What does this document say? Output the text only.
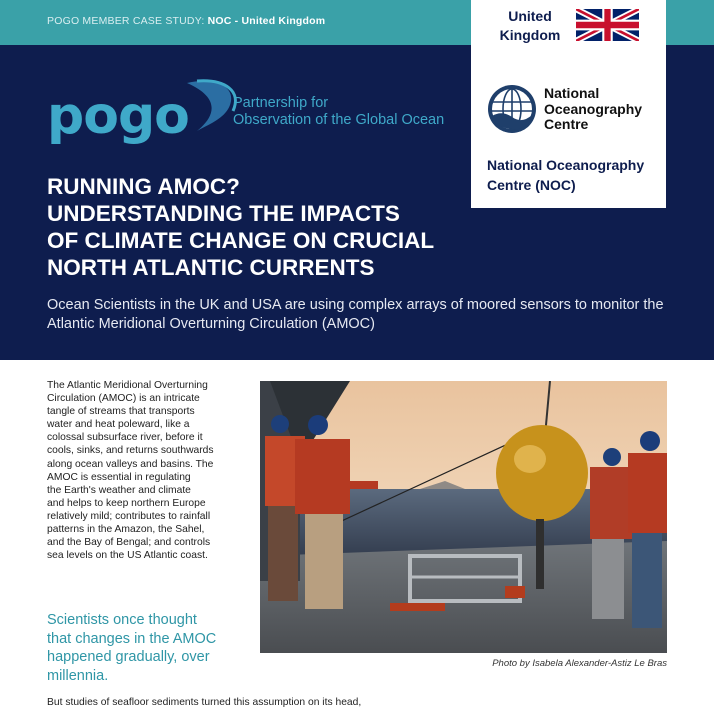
POGO MEMBER CASE STUDY: NOC - United Kingdom
pogo	Partnership for
Observation of the Global Ocean
RUNNING AMOC?
UNDERSTANDING THE IMPACTS
OF CLIMATE CHANGE ON CRUCIAL
NORTH ATLANTIC CURRENTS

Ocean Scientists in the UK and USA are using complex arrays of moored sensors to monitor the Atlantic Meridional Overturning Circulation (AMOC)

United
Kingdom
National
Oceanography
Centre
National Oceanography
Centre (NOC)

The Atlantic Meridional Overturning
Circulation (AMOC) is an intricate
tangle of streams that transports
water and heat poleward, like a
colossal subsurface river, before it
cools, sinks, and returns southwards
along ocean valleys and basins. The
AMOC is essential in regulating
the Earth's weather and climate
and helps to keep northern Europe
relatively mild; contributes to rainfall
patterns in the Amazon, the Sahel,
and the Bay of Bengal; and controls
sea levels on the US Atlantic coast.

Scientists once thought
that changes in the AMOC
happened gradually, over
millennia.

Photo by Isabela Alexander-Astiz Le Bras
But studies of seafloor sediments turned this assumption on its head,
